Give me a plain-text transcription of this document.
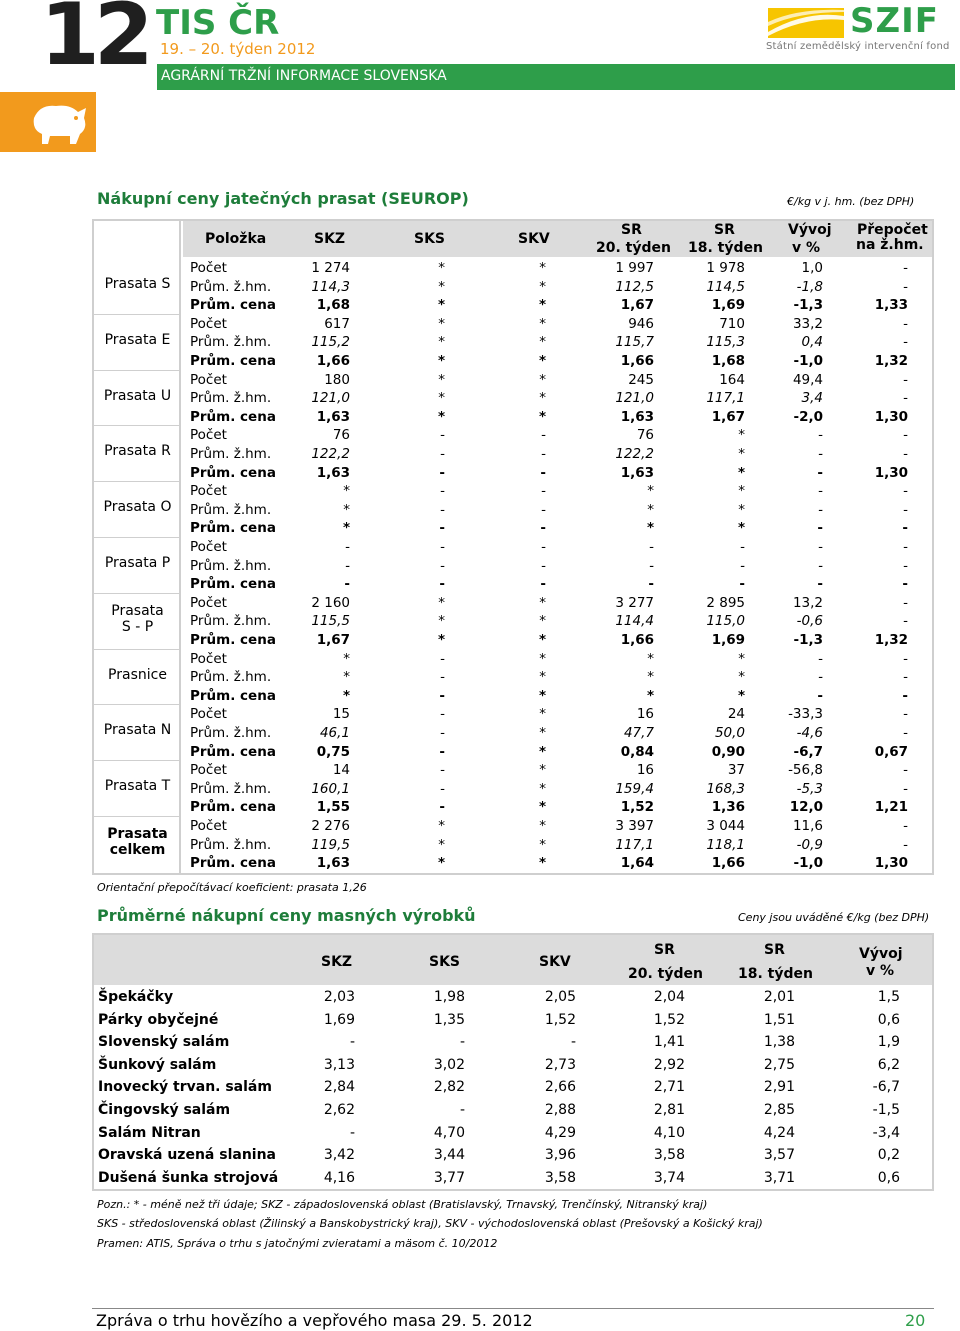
12 TIS ČR
19. – 20. týden 2012
AGRÁRNÍ TRŽNÍ INFORMACE SLOVENSKA
SZIF
Státní zemědělský intervenční fond
Nákupní ceny jatečných prasat (SEUROP)	€/kg v j. hm. (bez DPH)
Položka	SKZ	SKS	SKV
SR
20. týden
SR
18. týden
Vývoj
v %
Přepočet
na ž.hm.
Prasata S
Počet	1 274	*	*	1 997	1 978	1,0	-
Prům. ž.hm.	114,3	*	*	112,5	114,5	-1,8	-
Prům. cena	1,68	*	*	1,67	1,69	-1,3	1,33
Prasata E
Počet	617	*	*	946	710	33,2	-
Prům. ž.hm.	115,2	*	*	115,7	115,3	0,4	-
Prům. cena	1,66	*	*	1,66	1,68	-1,0	1,32
Prasata U
Počet	180	*	*	245	164	49,4	-
Prům. ž.hm.	121,0	*	*	121,0	117,1	3,4	-
Prům. cena	1,63	*	*	1,63	1,67	-2,0	1,30
Prasata R
Počet	76	-	-	76	*	-	-
Prům. ž.hm.	122,2	-	-	122,2	*	-	-
Prům. cena	1,63	-	-	1,63	*	-	1,30
Prasata O
Počet	*	-	-	*	*	-	-
Prům. ž.hm.	*	-	-	*	*	-	-
Prům. cena	*	-	-	*	*	-	-
Prasata P
Počet	-	-	-	-	-	-	-
Prům. ž.hm.	-	-	-	-	-	-	-
Prům. cena	-	-	-	-	-	-	-
Prasata
S - P
Počet	2 160	*	*	3 277	2 895	13,2	-
Prům. ž.hm.	115,5	*	*	114,4	115,0	-0,6	-
Prům. cena	1,67	*	*	1,66	1,69	-1,3	1,32
Prasnice
Počet	*	-	*	*	*	-	-
Prům. ž.hm.	*	-	*	*	*	-	-
Prům. cena	*	-	*	*	*	-	-
Prasata N
Počet	15	-	*	16	24	-33,3	-
Prům. ž.hm.	46,1	-	*	47,7	50,0	-4,6	-
Prům. cena	0,75	-	*	0,84	0,90	-6,7	0,67
Prasata T
Počet	14	-	*	16	37	-56,8	-
Prům. ž.hm.	160,1	-	*	159,4	168,3	-5,3	-
Prům. cena	1,55	-	*	1,52	1,36	12,0	1,21
Prasata
celkem
Počet	2 276	*	*	3 397	3 044	11,6	-
Prům. ž.hm.	119,5	*	*	117,1	118,1	-0,9	-
Prům. cena	1,63	*	*	1,64	1,66	-1,0	1,30
Orientační přepočítávací koeficient: prasata 1,26
Průměrné nákupní ceny masných výrobků	Ceny jsou uváděné €/kg (bez DPH)
SKZ	SKS	SKV
SR
20. týden
SR
18. týden
Vývoj
v %
Špekáčky	2,03	1,98	2,05	2,04	2,01	1,5
Párky obyčejné	1,69	1,35	1,52	1,52	1,51	0,6
Slovenský salám	-	-	-	1,41	1,38	1,9
Šunkový salám	3,13	3,02	2,73	2,92	2,75	6,2
Inovecký trvan. salám	2,84	2,82	2,66	2,71	2,91	-6,7
Čingovský salám	2,62	-	2,88	2,81	2,85	-1,5
Salám Nitran	-	4,70	4,29	4,10	4,24	-3,4
Oravská uzená slanina	3,42	3,44	3,96	3,58	3,57	0,2
Dušená šunka strojová	4,16	3,77	3,58	3,74	3,71	0,6
Pozn.: * - méně než tři údaje; SKZ - západoslovenská oblast (Bratislavský, Trnavský, Trenčínský, Nitranský kraj)
SKS - středoslovenská oblast (Žilinský a Banskobystrický kraj), SKV - východoslovenská oblast (Prešovský a Košický kraj)
Pramen: ATIS, Správa o trhu s jatočnými zvieratami a mäsom č. 10/2012
Zpráva o trhu hovězího a vepřového masa 29. 5. 2012	20
